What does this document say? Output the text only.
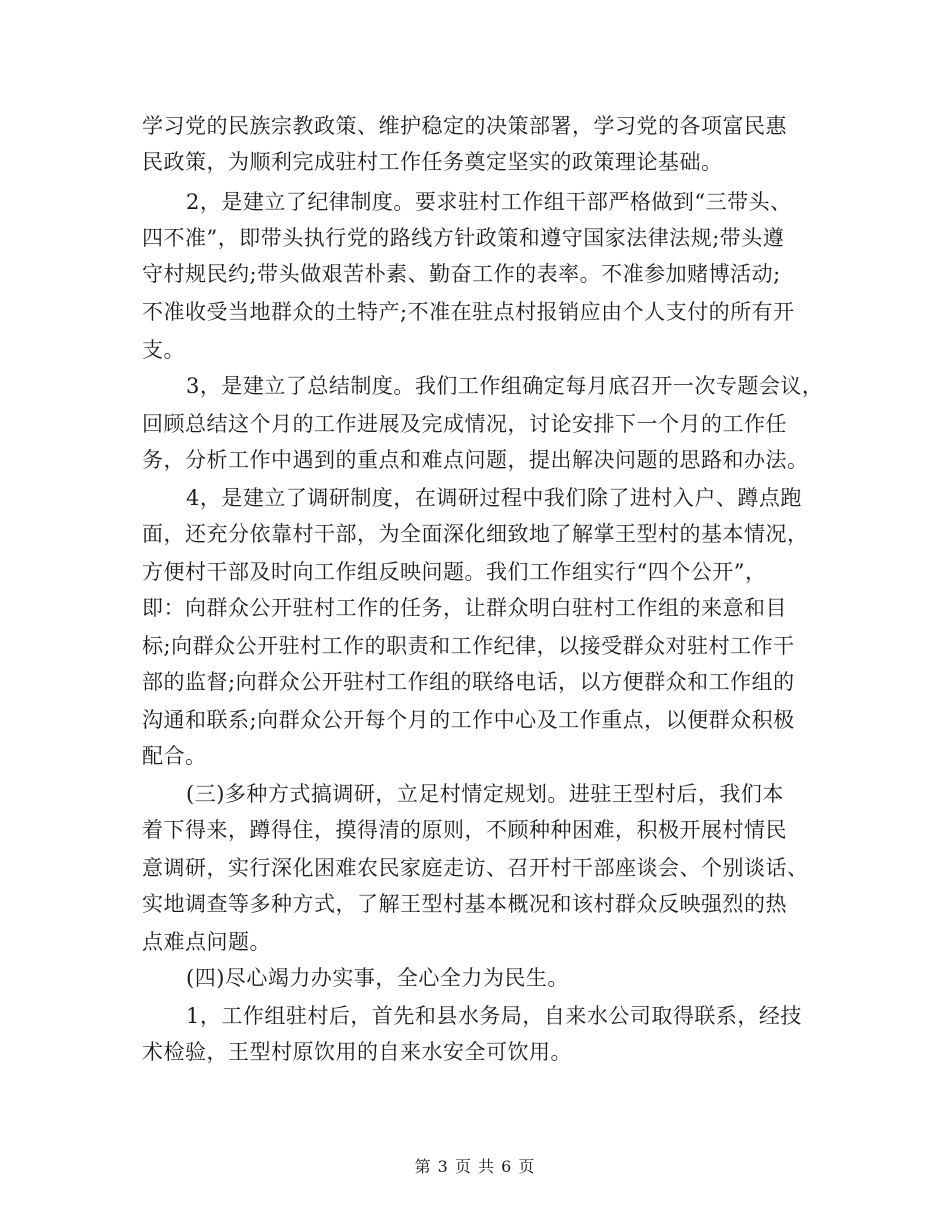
学习党的民族宗教政策、维护稳定的决策部署，学习党的各项富民惠
民政策，为顺利完成驻村工作任务奠定坚实的政策理论基础。
2，是建立了纪律制度。要求驻村工作组干部严格做到“三带头、
四不准”，即带头执行党的路线方针政策和遵守国家法律法规;带头遵
守村规民约;带头做艰苦朴素、勤奋工作的表率。不准参加赌博活动;
不准收受当地群众的土特产;不准在驻点村报销应由个人支付的所有开
支。
3，是建立了总结制度。我们工作组确定每月底召开一次专题会议，
回顾总结这个月的工作进展及完成情况，讨论安排下一个月的工作任
务，分析工作中遇到的重点和难点问题，提出解决问题的思路和办法。
4，是建立了调研制度，在调研过程中我们除了进村入户、蹲点跑
面，还充分依靠村干部，为全面深化细致地了解掌王型村的基本情况，
方便村干部及时向工作组反映问题。我们工作组实行“四个公开”，
即：向群众公开驻村工作的任务，让群众明白驻村工作组的来意和目
标;向群众公开驻村工作的职责和工作纪律，以接受群众对驻村工作干
部的监督;向群众公开驻村工作组的联络电话，以方便群众和工作组的
沟通和联系;向群众公开每个月的工作中心及工作重点，以便群众积极
配合。
(三)多种方式搞调研，立足村情定规划。进驻王型村后，我们本
着下得来，蹲得住，摸得清的原则，不顾种种困难，积极开展村情民
意调研，实行深化困难农民家庭走访、召开村干部座谈会、个别谈话、
实地调查等多种方式，了解王型村基本概况和该村群众反映强烈的热
点难点问题。
(四)尽心竭力办实事，全心全力为民生。
1，工作组驻村后，首先和县水务局，自来水公司取得联系，经技
术检验，王型村原饮用的自来水安全可饮用。
第 3 页 共 6 页
